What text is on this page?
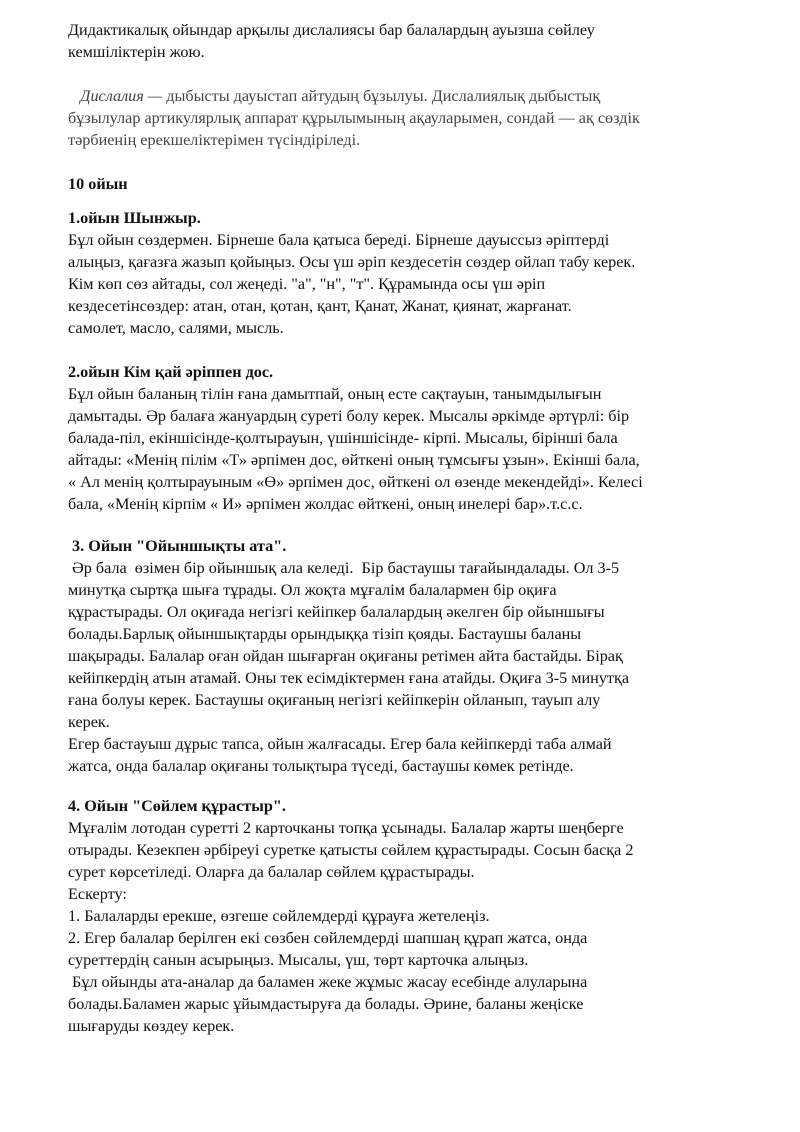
Дидактикалық ойындар арқылы дислалиясы бар балалардың ауызша сөйлеу
кемшіліктерін жою.

Дислалия — дыбысты дауыстап айтудың бұзылуы. Дислалиялық дыбыстық
бұзылулар артикулярлық аппарат құрылымының ақауларымен, сондай — ақ сөздік
тәрбиенің ерекшеліктерімен түсіндіріледі.

10 ойын

1.ойын Шынжыр.
Бұл ойын сөздермен. Бірнеше бала қатыса береді. Бірнеше дауыссыз әріптерді
алыңыз, қағазға жазып қойыңыз. Осы үш әріп кездесетін сөздер ойлап табу керек.
Кім көп сөз айтады, сол жеңеді. "а", "н", "т". Құрамында осы үш әріп
кездесетінсөздер: атан, отан, қотан, қант, Қанат, Жанат, қиянат, жарғанат.
самолет, масло, салями, мысль.
2.ойын Кім қай әріппен дос.
Бұл ойын баланың тілін ғана дамытпай, оның есте сақтауын, танымдылығын
дамытады. Әр балаға жануардың суреті болу керек. Мысалы әркімде әртүрлі: бір
балада-піл, екіншісінде-қолтырауын, үшіншісінде- кірпі. Мысалы, бірінші бала
айтады: «Менің пілім «Т» әрпімен дос, өйткені оның тұмсығы ұзын». Екінші бала,
« Ал менің қолтырауыным «Ө» әрпімен дос, өйткені ол өзенде мекендейді». Келесі
бала, «Менің кірпім « И» әрпімен жолдас өйткені, оның инелері бар».т.с.с.
3. Ойын "Ойыншықты ата".
Әр бала  өзімен бір ойыншық ала келеді.  Бір бастаушы тағайындалады. Ол 3-5
минутқа сыртқа шыға тұрады. Ол жоқта мұғалім балалармен бір оқиға
құрастырады. Ол оқиғада негізгі кейіпкер балалардың әкелген бір ойыншығы
болады.Барлық ойыншықтарды орындыққа тізіп қояды. Бастаушы баланы
шақырады. Балалар оған ойдан шығарған оқиғаны ретімен айта бастайды. Бірақ
кейіпкердің атын атамай. Оны тек есімдіктермен ғана атайды. Оқиға 3-5 минутқа
ғана болуы керек. Бастаушы оқиғаның негізгі кейіпкерін ойланып, тауып алу
керек.
Егер бастауыш дұрыс тапса, ойын жалғасады. Егер бала кейіпкерді таба алмай
жатса, онда балалар оқиғаны толықтыра түседі, бастаушы көмек ретінде.
4. Ойын "Сөйлем құрастыр".
Мұғалім лотодан суретті 2 карточканы топқа ұсынады. Балалар жарты шеңберге
отырады. Кезекпен әрбіреуі суретке қатысты сөйлем құрастырады. Сосын басқа 2
сурет көрсетіледі. Оларға да балалар сөйлем құрастырады.
Ескерту:
1. Балаларды ерекше, өзгеше сөйлемдерді құрауға жетелеңіз.
2. Егер балалар берілген екі сөзбен сөйлемдерді шапшаң құрап жатса, онда
суреттердің санын асырыңыз. Мысалы, үш, төрт карточка алыңыз.
Бұл ойынды ата-аналар да баламен жеке жұмыс жасау есебінде алуларына
болады.Баламен жарыс ұйымдастыруға да болады. Әрине, баланы жеңіске
шығаруды көздеу керек.
